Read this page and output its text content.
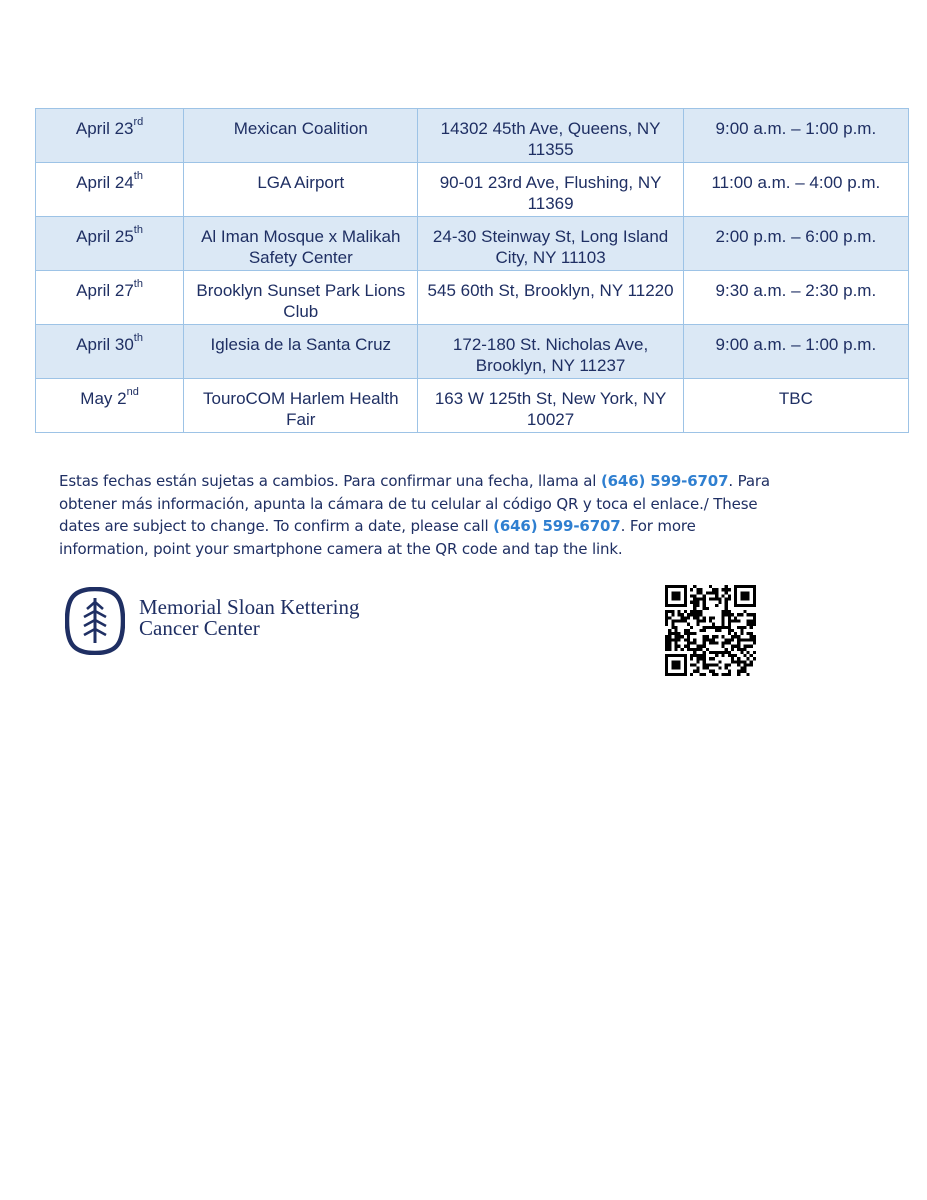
April 23rd	Mexican Coalition	14302 45th Ave, Queens, NY 11355	9:00 a.m. – 1:00 p.m.
April 24th	LGA Airport	90-01 23rd Ave, Flushing, NY 11369	11:00 a.m. – 4:00 p.m.
April 25th	Al Iman Mosque x Malikah Safety Center	24-30 Steinway St, Long Island City, NY 11103	2:00 p.m. – 6:00 p.m.
April 27th	Brooklyn Sunset Park Lions Club	545 60th St, Brooklyn, NY 11220	9:30 a.m. – 2:30 p.m.
April 30th	Iglesia de la Santa Cruz	172-180 St. Nicholas Ave, Brooklyn, NY 11237	9:00 a.m. – 1:00 p.m.
May 2nd	TouroCOM Harlem Health Fair	163 W 125th St, New York, NY 10027	TBC

Estas fechas están sujetas a cambios. Para confirmar una fecha, llama al (646) 599-6707. Para obtener más información, apunta la cámara de tu celular al código QR y toca el enlace./ These dates are subject to change. To confirm a date, please call (646) 599-6707. For more information, point your smartphone camera at the QR code and tap the link.

Memorial Sloan Kettering
Cancer Center
